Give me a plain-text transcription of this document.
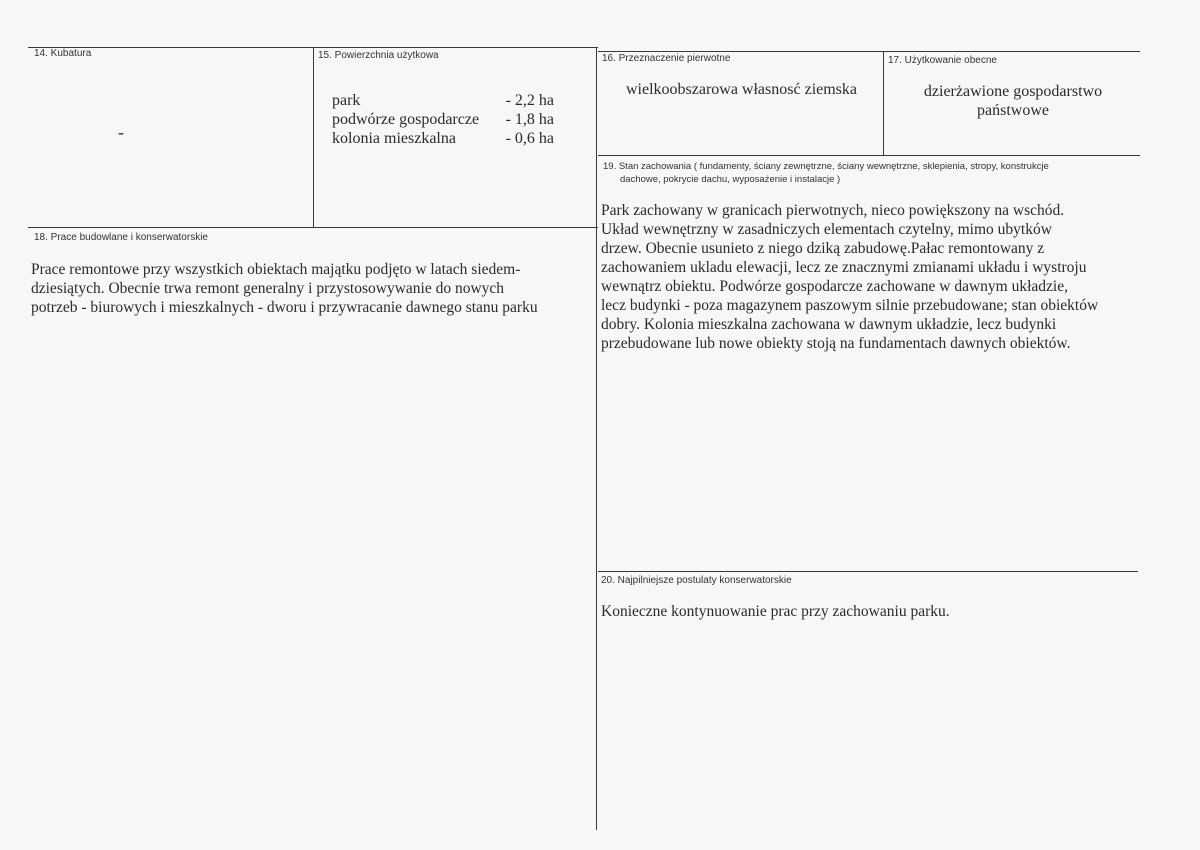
14. Kubatura
-
15. Powierzchnia użytkowa
park	- 2,2 ha
podwórze gospodarcze - 1,8 ha
kolonia mieszkalna	- 0,6 ha
16. Przeznaczenie pierwotne
wielkoobszarowa własnosć ziemska
17. Użytkowanie obecne
dzierżawione gospodarstwo
państwowe
19. Stan zachowania ( fundamenty, ściany zewnętrzne, ściany wewnętrzne, sklepienia, stropy, konstrukcje
dachowe, pokrycie dachu, wyposażenie i instalacje )

Park zachowany w granicach pierwotnych, nieco powiększony na wschód.

Układ wewnętrzny w zasadniczych elementach czytelny, mimo ubytków

drzew. Obecnie usunieto z niego dziką zabudowę.Pałac remontowany z

zachowaniem ukladu elewacji, lecz ze znacznymi zmianami układu i wystroju

wewnątrz obiektu. Podwórze gospodarcze zachowane w dawnym układzie,

lecz budynki - poza magazynem paszowym silnie przebudowane; stan obiektów

dobry. Kolonia mieszkalna zachowana w dawnym układzie, lecz budynki

przebudowane lub nowe obiekty stoją na fundamentach dawnych obiektów.

18. Prace budowlane i konserwatorskie

Prace remontowe przy wszystkich obiektach majątku podjęto w latach siedem-

dziesiątych. Obecnie trwa remont generalny i przystosowywanie do nowych

potrzeb - biurowych i mieszkalnych - dworu i przywracanie dawnego stanu parku

20. Najpilniejsze postulaty konserwatorskie
Konieczne kontynuowanie prac przy zachowaniu parku.
